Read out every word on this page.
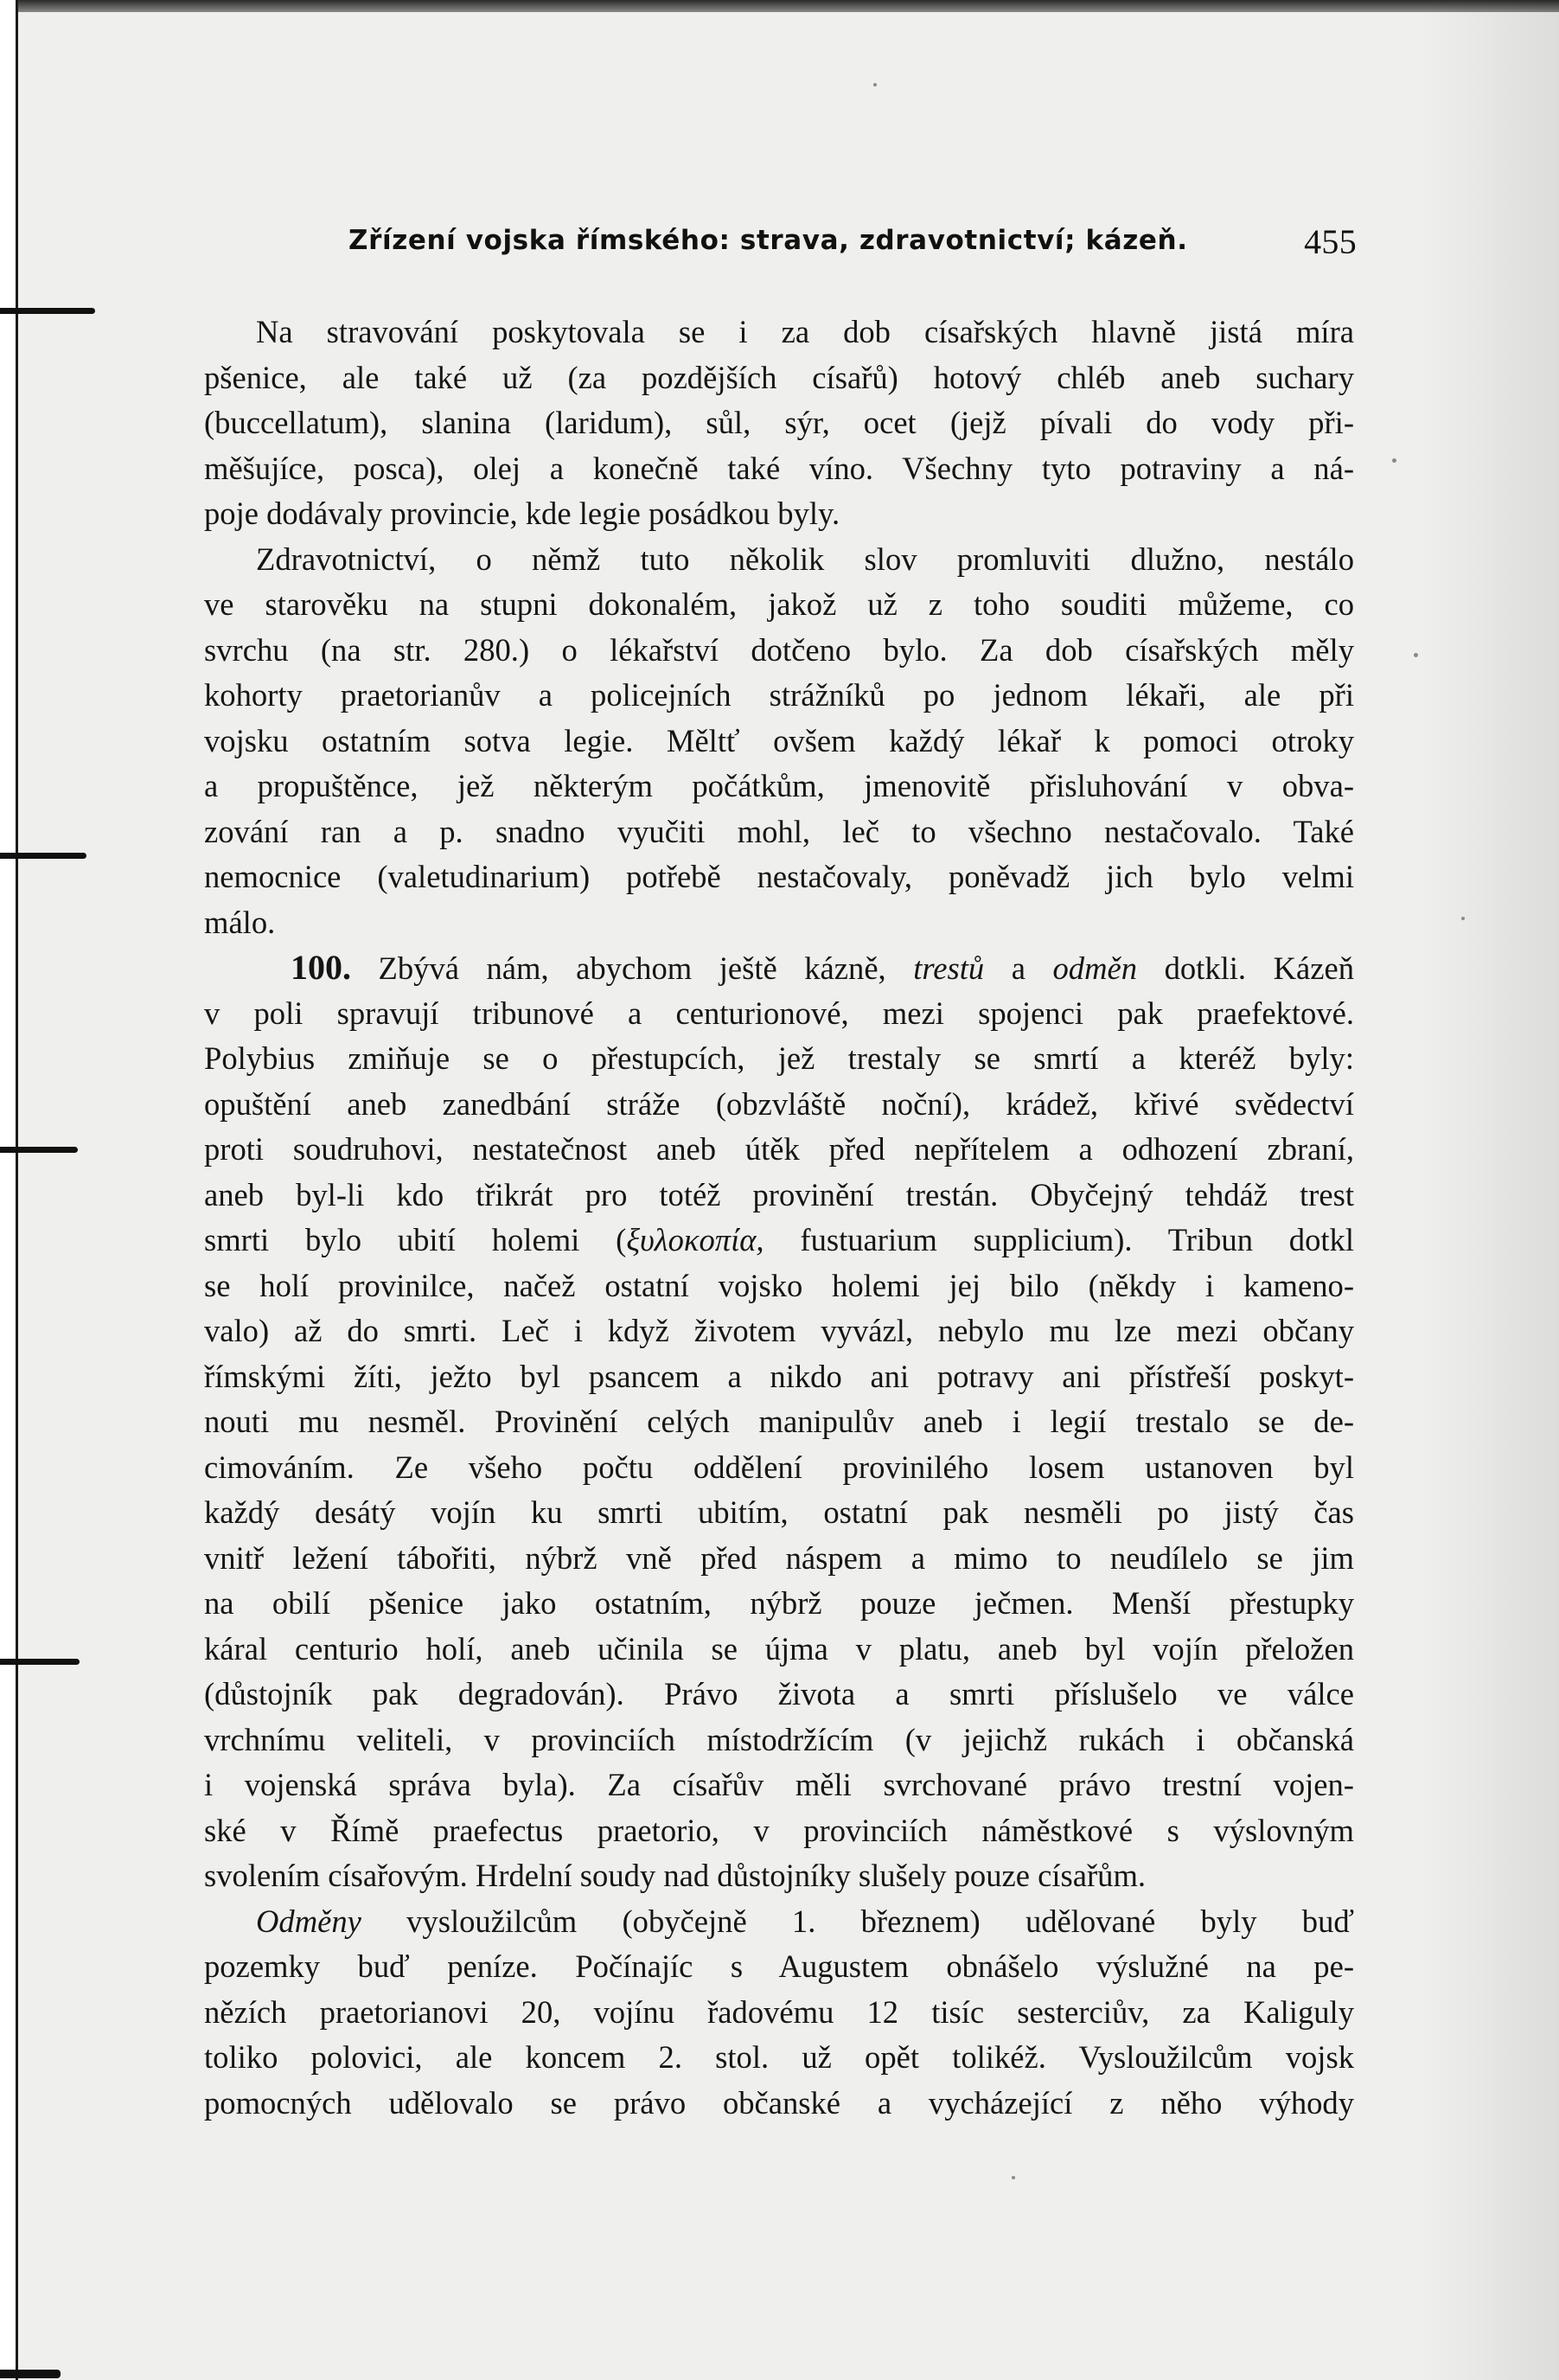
Zřízení vojska římského: strava, zdravotnictví; kázeň.	455
Na stravování poskytovala se i za dob císařských hlavně jistá míra
pšenice, ale také už (za pozdějších císařů) hotový chléb aneb suchary
(buccellatum), slanina (laridum), sůl, sýr, ocet (jejž pívali do vody při-
měšujíce, posca), olej a konečně také víno. Všechny tyto potraviny a ná-
poje dodávaly provincie, kde legie posádkou byly.
Zdravotnictví, o němž tuto několik slov promluviti dlužno, nestálo
ve starověku na stupni dokonalém, jakož už z toho souditi můžeme, co
svrchu (na str. 280.) o lékařství dotčeno bylo. Za dob císařských měly
kohorty praetorianův a policejních strážníků po jednom lékaři, ale při
vojsku ostatním sotva legie. Měltť ovšem každý lékař k pomoci otroky
a propuštěnce, jež některým počátkům, jmenovitě přisluhování v obva-
zování ran a p. snadno vyučiti mohl, leč to všechno nestačovalo. Také
nemocnice (valetudinarium) potřebě nestačovaly, poněvadž jich bylo velmi
málo.
100. Zbývá nám, abychom ještě kázně, trestů a odměn dotkli. Kázeň
v poli spravují tribunové a centurionové, mezi spojenci pak praefektové.
Polybius zmiňuje se o přestupcích, jež trestaly se smrtí a kteréž byly:
opuštění aneb zanedbání stráže (obzvláště noční), krádež, křivé svědectví
proti soudruhovi, nestatečnost aneb útěk před nepřítelem a odhození zbraní,
aneb byl-li kdo třikrát pro totéž provinění trestán. Obyčejný tehdáž trest
smrti bylo ubití holemi (ξυλοκοπία, fustuarium supplicium). Tribun dotkl
se holí provinilce, načež ostatní vojsko holemi jej bilo (někdy i kameno-
valo) až do smrti. Leč i když životem vyvázl, nebylo mu lze mezi občany
římskými žíti, ježto byl psancem a nikdo ani potravy ani přístřeší poskyt-
nouti mu nesměl. Provinění celých manipulův aneb i legií trestalo se de-
cimováním. Ze všeho počtu oddělení provinilého losem ustanoven byl
každý desátý vojín ku smrti ubitím, ostatní pak nesměli po jistý čas
vnitř ležení tábořiti, nýbrž vně před náspem a mimo to neudílelo se jim
na obilí pšenice jako ostatním, nýbrž pouze ječmen. Menší přestupky
káral centurio holí, aneb učinila se újma v platu, aneb byl vojín přeložen
(důstojník pak degradován). Právo života a smrti příslušelo ve válce
vrchnímu veliteli, v provinciích místodržícím (v jejichž rukách i občanská
i vojenská správa byla). Za císařův měli svrchované právo trestní vojen-
ské v Římě praefectus praetorio, v provinciích náměstkové s výslovným
svolením císařovým. Hrdelní soudy nad důstojníky slušely pouze císařům.
Odměny vysloužilcům (obyčejně 1. březnem) udělované byly buď
pozemky buď peníze. Počínajíc s Augustem obnášelo výslužné na pe-
nězích praetorianovi 20, vojínu řadovému 12 tisíc sesterciův, za Kaliguly
toliko polovici, ale koncem 2. stol. už opět tolikéž. Vysloužilcům vojsk
pomocných udělovalo se právo občanské a vycházející z něho výhody
